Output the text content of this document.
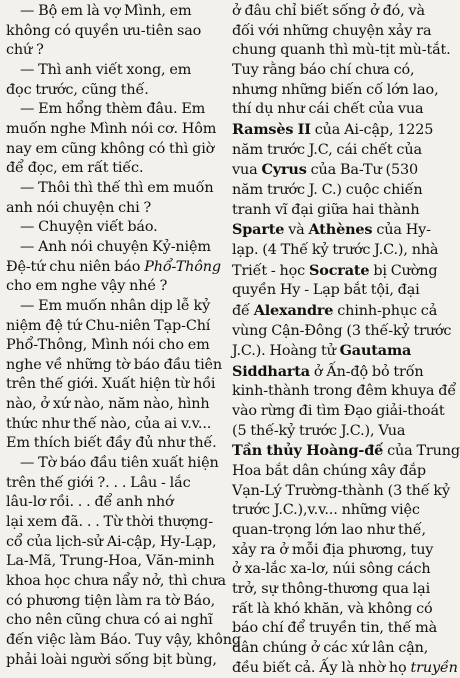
— Bộ em là vợ Mình, em
không có quyền ưu-tiên sao
chứ ?
— Thì anh viết xong, em
đọc trước, cũng thế.
— Em hổng thèm đâu. Em
muốn nghe Mình nói cơ. Hôm
nay em cũng không có thì giờ
để đọc, em rất tiếc.
— Thôi thì thế thì em muốn
anh nói chuyện chi ?
— Chuyện viết báo.
— Anh nói chuyện Kỷ-niệm
Đệ-tứ chu niên báo Phổ-Thông
cho em nghe vậy nhé ?
— Em muốn nhân dịp lễ kỷ
niệm đệ tứ Chu-niên Tạp-Chí
Phổ-Thông, Mình nói cho em
nghe về những tờ báo đầu tiên
trên thế giới. Xuất hiện từ hồi
nào, ở xứ nào, năm nào, hình
thức như thế nào, của ai v.v...
Em thích biết đầy đủ như thế.
— Tờ báo đầu tiên xuất hiện
trên thế giới ?. . . Lâu - lắc
lâu-lơ rồi. . . để anh nhớ
lại xem đã. . . Từ thời thượng-
cổ của lịch-sử Ai-cập, Hy-Lạp,
La-Mã, Trung-Hoa, Văn-minh
khoa học chưa nẩy nở, thì chưa
có phương tiện làm ra tờ Báo,
cho nên cũng chưa có ai nghĩ
đến việc làm Báo. Tuy vậy, không
phải loài người sống bịt bùng,
ở đâu chỉ biết sống ở đó, và
đối với những chuyện xảy ra
chung quanh thì mù-tịt mù-tắt.
Tuy rằng báo chí chưa có,
nhưng những biến cố lớn lao,
thí dụ như cái chết của vua
Ramsès II của Ai-cập, 1225
năm trước J.C, cái chết của
vua Cyrus của Ba-Tư (530
năm trước J. C.) cuộc chiến
tranh vĩ đại giữa hai thành
Sparte và Athènes của Hy-
lạp. (4 Thế kỷ trước J.C.), nhà
Triết - học Socrate bị Cường
quyền Hy - Lạp bắt tội, đại
đế Alexandre chinh-phục cả
vùng Cận-Đông (3 thế-kỷ trước
J.C.). Hoàng tử Gautama
Siddharta ở Ấn-độ bỏ trốn
kinh-thành trong đêm khuya để
vào rừng đi tìm Đạo giải-thoát
(5 thế-kỷ trước J.C.), Vua
Tần thủy Hoàng-đế của Trung
Hoa bắt dân chúng xây đắp
Vạn-Lý Trường-thành (3 thế kỷ
trước J.C.),v.v... những việc
quan-trọng lớn lao như thế,
xảy ra ở mỗi địa phương, tuy
ở xa-lắc xa-lơ, núi sông cách
trở, sự thông-thương qua lại
rất là khó khăn, và không có
báo chí để truyền tin, thế mà
dân chúng ở các xứ lân cận,
đều biết cả. Ấy là nhờ họ truyền
